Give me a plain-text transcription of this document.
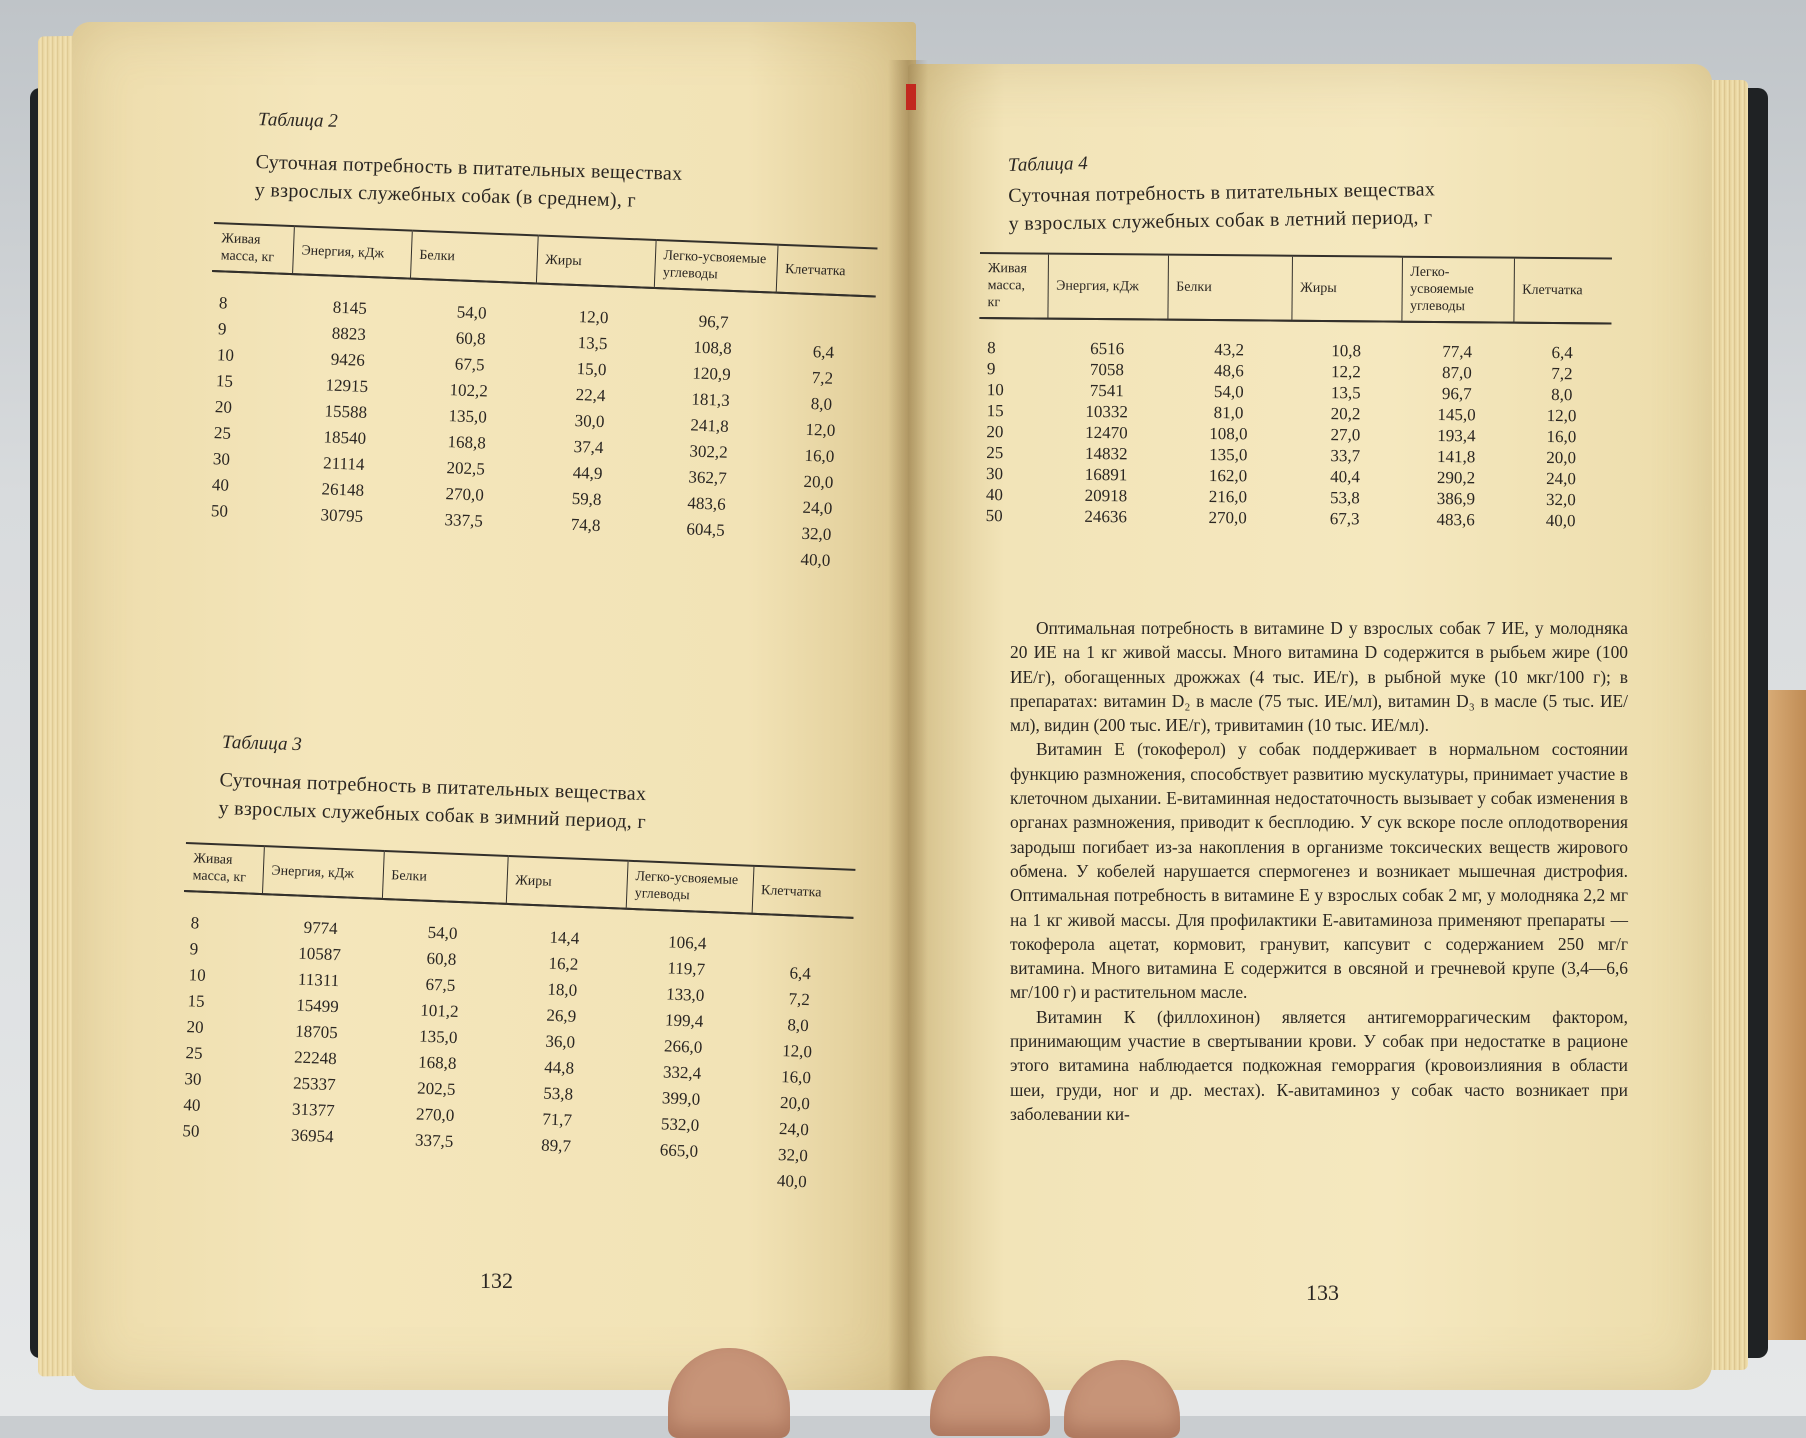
Таблица 2
Суточная потребность в питательных веществах
у взрослых служебных собак (в среднем), г
Живая масса, кг	Энергия, кДж	Белки	Жиры	Легко-усвояемые углеводы	Клетчатка
8	8145	54,0	12,0	96,7	
9	8823	60,8	13,5	108,8	6,4
10	9426	67,5	15,0	120,9	7,2
15	12915	102,2	22,4	181,3	8,0
20	15588	135,0	30,0	241,8	12,0
25	18540	168,8	37,4	302,2	16,0
30	21114	202,5	44,9	362,7	20,0
40	26148	270,0	59,8	483,6	24,0
50	30795	337,5	74,8	604,5	32,0
					40,0
Таблица 3
Суточная потребность в питательных веществах
у взрослых служебных собак в зимний период, г
Живая масса, кг	Энергия, кДж	Белки	Жиры	Легко-усвояемые углеводы	Клетчатка
8	9774	54,0	14,4	106,4	
9	10587	60,8	16,2	119,7	6,4
10	11311	67,5	18,0	133,0	7,2
15	15499	101,2	26,9	199,4	8,0
20	18705	135,0	36,0	266,0	12,0
25	22248	168,8	44,8	332,4	16,0
30	25337	202,5	53,8	399,0	20,0
40	31377	270,0	71,7	532,0	24,0
50	36954	337,5	89,7	665,0	32,0
					40,0
132
Таблица 4
Суточная потребность в питательных веществах
у взрослых служебных собак в летний период, г
Живая масса, кг	Энергия, кДж	Белки	Жиры	Легко-усвояемые углеводы	Клетчатка
8	6516	43,2	10,8	77,4	6,4
9	7058	48,6	12,2	87,0	7,2
10	7541	54,0	13,5	96,7	8,0
15	10332	81,0	20,2	145,0	12,0
20	12470	108,0	27,0	193,4	16,0
25	14832	135,0	33,7	141,8	20,0
30	16891	162,0	40,4	290,2	24,0
40	20918	216,0	53,8	386,9	32,0
50	24636	270,0	67,3	483,6	40,0

Оптимальная потребность в витамине D у взрослых собак 7 ИЕ, у молодняка 20 ИЕ на 1 кг живой массы. Много витамина D содержится в рыбьем жире (100 ИЕ/г), обогащенных дрожжах (4 тыс. ИЕ/г), в рыбной муке (10 мкг/100 г); в препаратах: витамин D₂ в масле (75 тыс. ИЕ/мл), витамин D₃ в масле (5 тыс. ИЕ/мл), видин (200 тыс. ИЕ/г), тривитамин (10 тыс. ИЕ/мл).

Витамин Е (токоферол) у собак поддерживает в нормальном состоянии функцию размножения, способствует развитию мускулатуры, принимает участие в клеточном дыхании. Е-витаминная недостаточность вызывает у собак изменения в органах размножения, приводит к бесплодию. У сук вскоре после оплодотворения зародыш погибает из-за накопления в организме токсических веществ жирового обмена. У кобелей нарушается спермогенез и возникает мышечная дистрофия. Оптимальная потребность в витамине Е у взрослых собак 2 мг, у молодняка 2,2 мг на 1 кг живой массы. Для профилактики Е-авитаминоза применяют препараты — токоферола ацетат, кормовит, гранувит, капсувит с содержанием 250 мг/г витамина. Много витамина Е содержится в овсяной и гречневой крупе (3,4—6,6 мг/100 г) и растительном масле.

Витамин К (филлохинон) является антигеморрагическим фактором, принимающим участие в свертывании крови. У собак при недостатке в рационе этого витамина наблюдается подкожная геморрагия (кровоизлияния в области шеи, груди, ног и др. местах). К-авитаминоз у собак часто возникает при заболевании ки-

133
